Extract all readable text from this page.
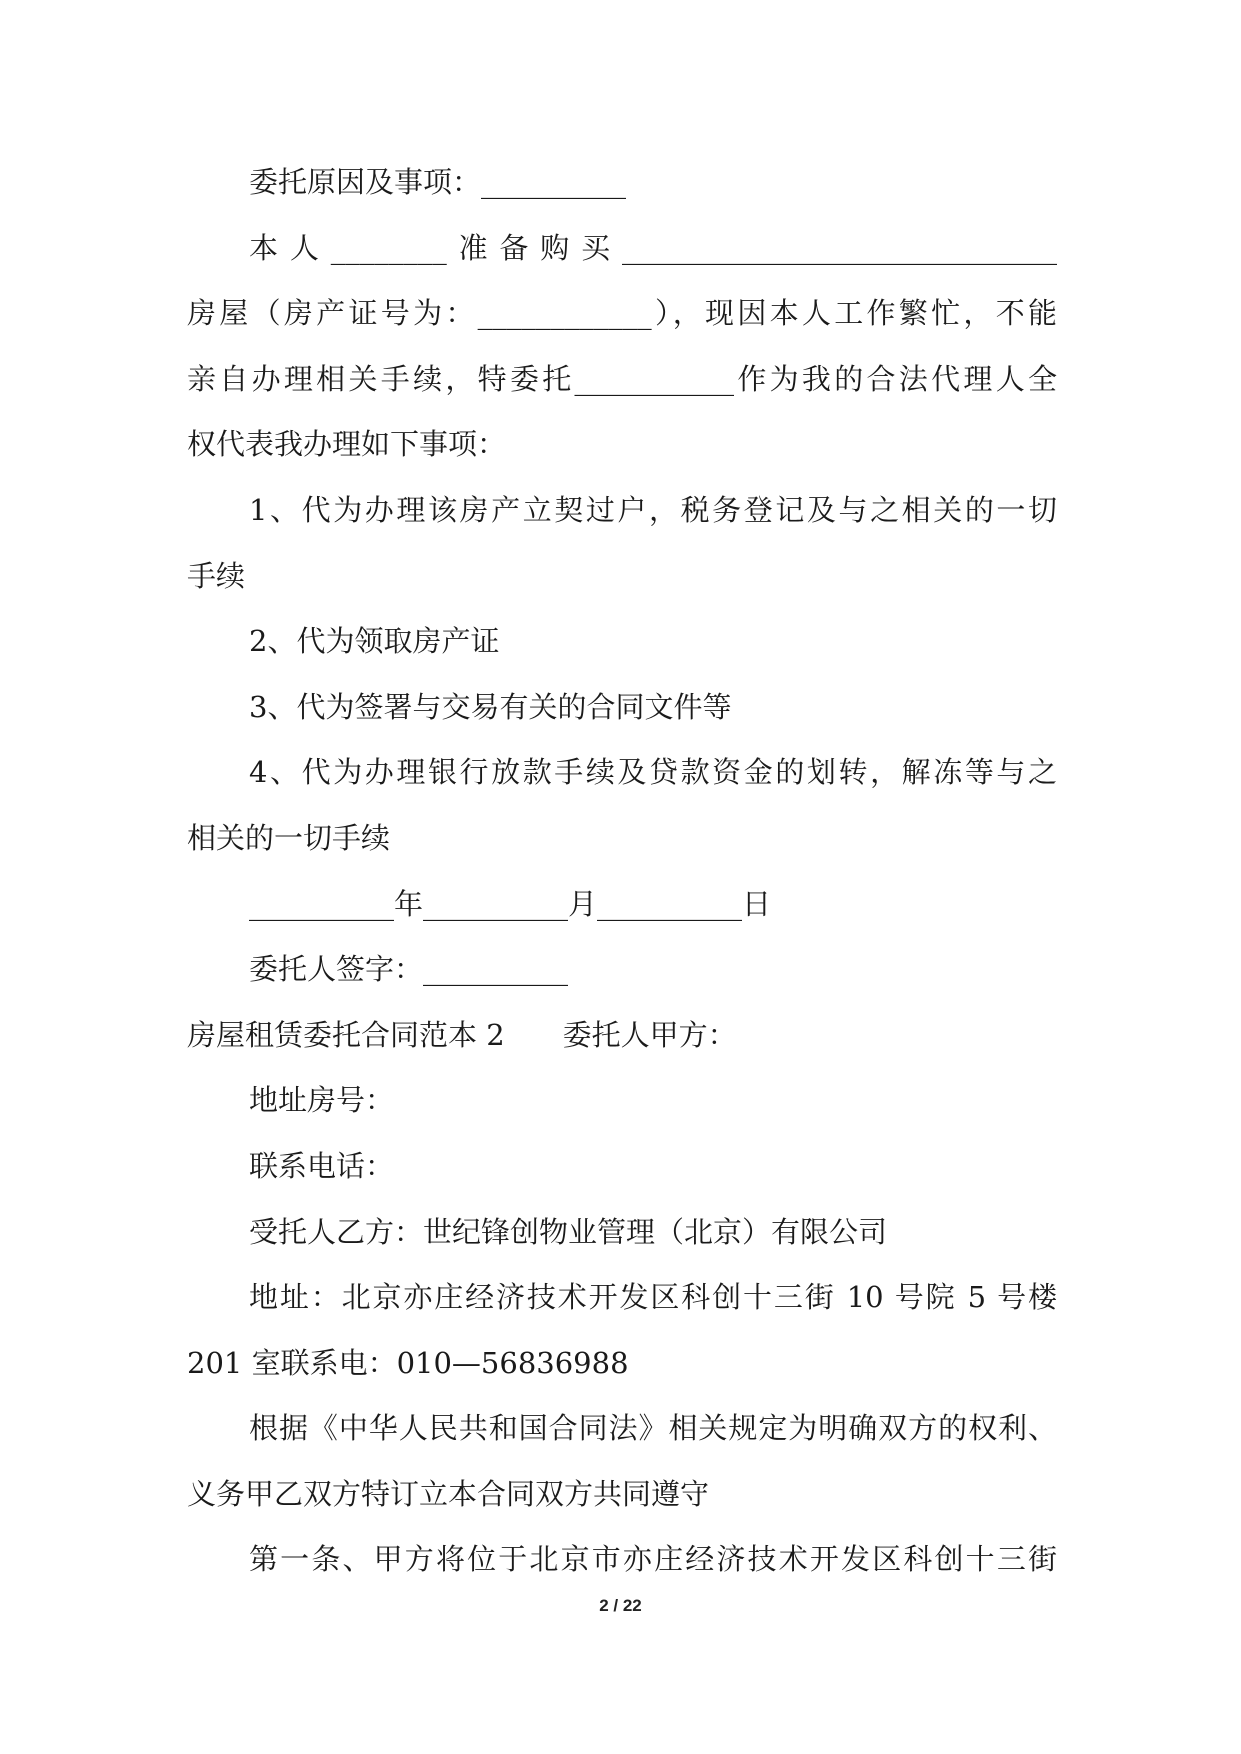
委托原因及事项：__________
本人________准备购买______________________________
房屋（房产证号为：____________），现因本人工作繁忙，不能
亲自办理相关手续，特委托___________作为我的合法代理人全
权代表我办理如下事项：
1、代为办理该房产立契过户，税务登记及与之相关的一切
手续
2、代为领取房产证
3、代为签署与交易有关的合同文件等
4、代为办理银行放款手续及贷款资金的划转，解冻等与之
相关的一切手续
__________年__________月__________日
委托人签字：__________
房屋租赁委托合同范本 2 委托人甲方：
地址房号：
联系电话：
受托人乙方：世纪锋创物业管理（北京）有限公司
地址：北京亦庄经济技术开发区科创十三街 10 号院 5 号楼
201 室联系电：010—56836988
根据《中华人民共和国合同法》相关规定为明确双方的权利、
义务甲乙双方特订立本合同双方共同遵守
第一条、甲方将位于北京市亦庄经济技术开发区科创十三街
2 / 22
